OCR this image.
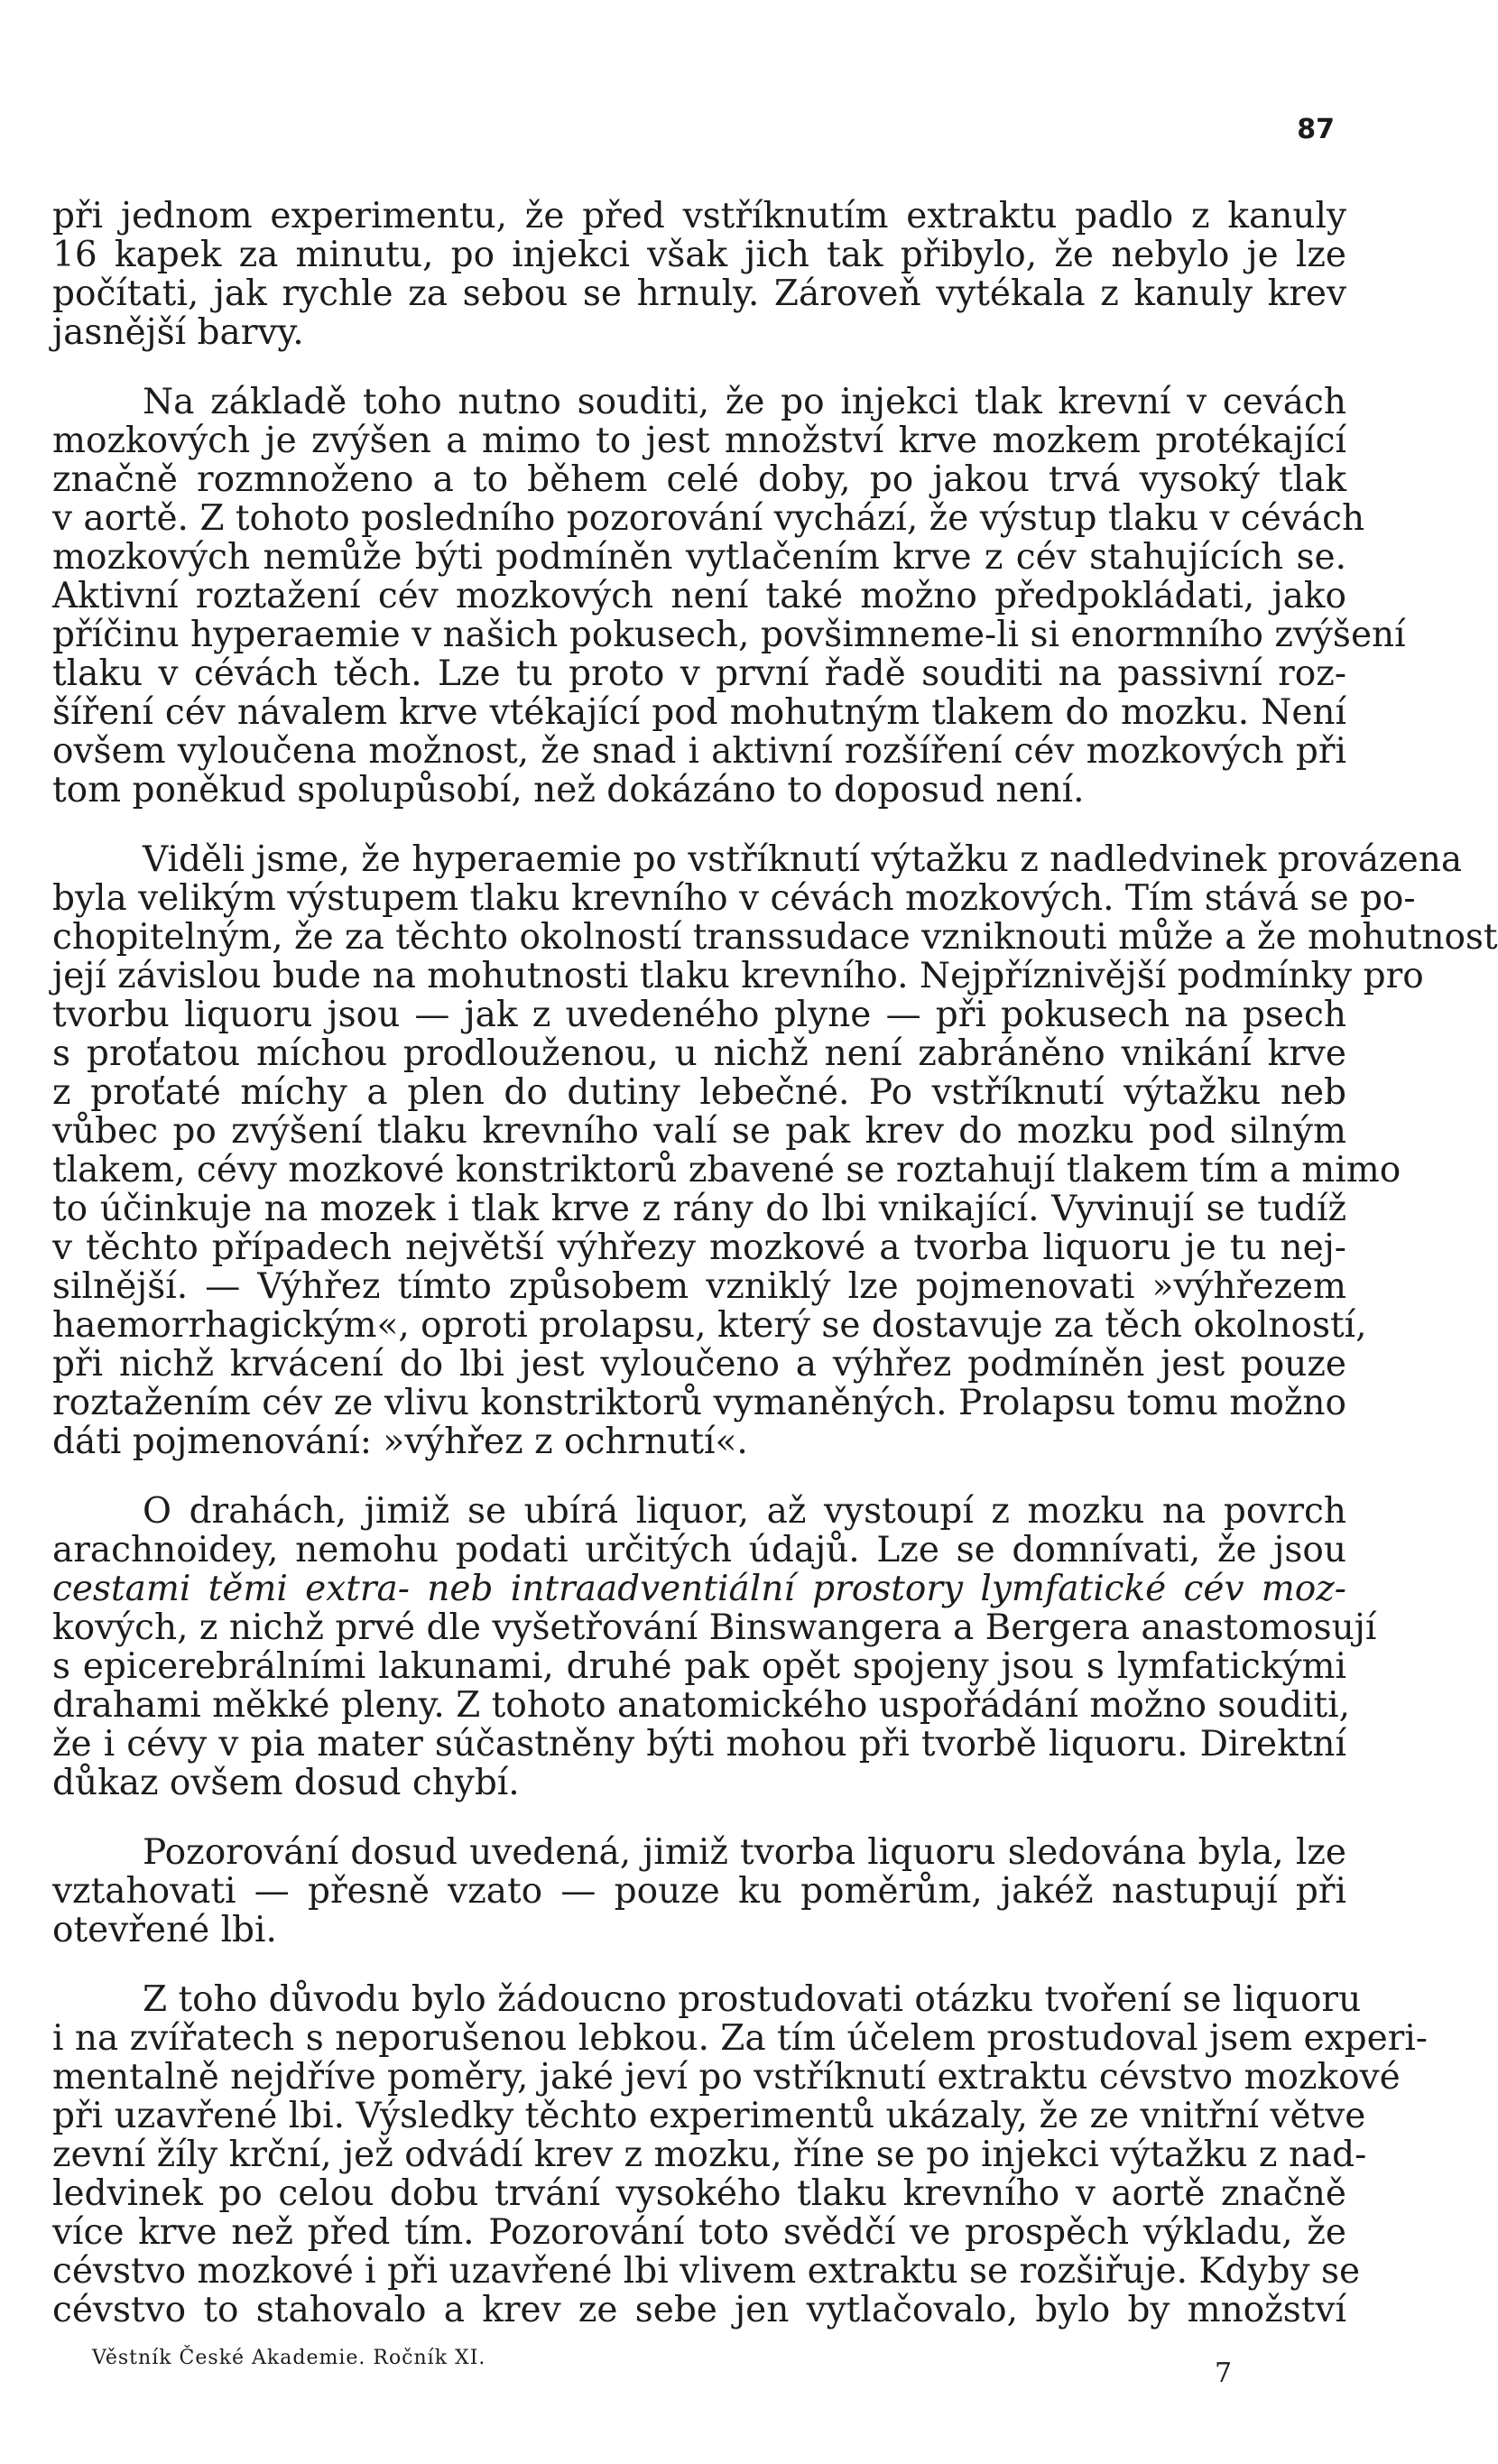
87
při jednom experimentu, že před vstříknutím extraktu padlo z kanuly
16 kapek za minutu, po injekci však jich tak přibylo, že nebylo je lze
počítati, jak rychle za sebou se hrnuly. Zároveň vytékala z kanuly krev
jasnější barvy.
Na základě toho nutno souditi, že po injekci tlak krevní v cevách
mozkových je zvýšen a mimo to jest množství krve mozkem protékající
značně rozmnoženo a to během celé doby, po jakou trvá vysoký tlak
v aortě. Z tohoto posledního pozorování vychází, že výstup tlaku v cévách
mozkových nemůže býti podmíněn vytlačením krve z cév stahujících se.
Aktivní roztažení cév mozkových není také možno předpokládati, jako
příčinu hyperaemie v našich pokusech, povšimneme-li si enormního zvýšení
tlaku v cévách těch. Lze tu proto v první řadě souditi na passivní roz-
šíření cév návalem krve vtékající pod mohutným tlakem do mozku. Není
ovšem vyloučena možnost, že snad i aktivní rozšíření cév mozkových při
tom poněkud spolupůsobí, než dokázáno to doposud není.
Viděli jsme, že hyperaemie po vstříknutí výtažku z nadledvinek provázena
byla velikým výstupem tlaku krevního v cévách mozkových. Tím stává se po-
chopitelným, že za těchto okolností transsudace vzniknouti může a že mohutnost
její závislou bude na mohutnosti tlaku krevního. Nejpříznivější podmínky pro
tvorbu liquoru jsou — jak z uvedeného plyne — při pokusech na psech
s proťatou míchou prodlouženou, u nichž není zabráněno vnikání krve
z proťaté míchy a plen do dutiny lebečné. Po vstříknutí výtažku neb
vůbec po zvýšení tlaku krevního valí se pak krev do mozku pod silným
tlakem, cévy mozkové konstriktorů zbavené se roztahují tlakem tím a mimo
to účinkuje na mozek i tlak krve z rány do lbi vnikající. Vyvinují se tudíž
v těchto případech největší výhřezy mozkové a tvorba liquoru je tu nej-
silnější. — Výhřez tímto způsobem vzniklý lze pojmenovati »výhřezem
haemorrhagickým«, oproti prolapsu, který se dostavuje za těch okolností,
při nichž krvácení do lbi jest vyloučeno a výhřez podmíněn jest pouze
roztažením cév ze vlivu konstriktorů vymaněných. Prolapsu tomu možno
dáti pojmenování: »výhřez z ochrnutí«.
O drahách, jimiž se ubírá liquor, až vystoupí z mozku na povrch
arachnoidey, nemohu podati určitých údajů. Lze se domnívati, že jsou
cestami těmi extra- neb intraadventiální prostory lymfatické cév moz-
kových, z nichž prvé dle vyšetřování Binswangera a Bergera anastomosují
s epicerebrálními lakunami, druhé pak opět spojeny jsou s lymfatickými
drahami měkké pleny. Z tohoto anatomického uspořádání možno souditi,
že i cévy v pia mater súčastněny býti mohou při tvorbě liquoru. Direktní
důkaz ovšem dosud chybí.
Pozorování dosud uvedená, jimiž tvorba liquoru sledována byla, lze
vztahovati — přesně vzato — pouze ku poměrům, jakéž nastupují při
otevřené lbi.
Z toho důvodu bylo žádoucno prostudovati otázku tvoření se liquoru
i na zvířatech s neporušenou lebkou. Za tím účelem prostudoval jsem experi-
mentalně nejdříve poměry, jaké jeví po vstříknutí extraktu cévstvo mozkové
při uzavřené lbi. Výsledky těchto experimentů ukázaly, že ze vnitřní větve
zevní žíly krční, jež odvádí krev z mozku, říne se po injekci výtažku z nad-
ledvinek po celou dobu trvání vysokého tlaku krevního v aortě značně
více krve než před tím. Pozorování toto svědčí ve prospěch výkladu, že
cévstvo mozkové i při uzavřené lbi vlivem extraktu se rozšiřuje. Kdyby se
cévstvo to stahovalo a krev ze sebe jen vytlačovalo, bylo by množství
Věstník České Akademie. Ročník XI.	7
